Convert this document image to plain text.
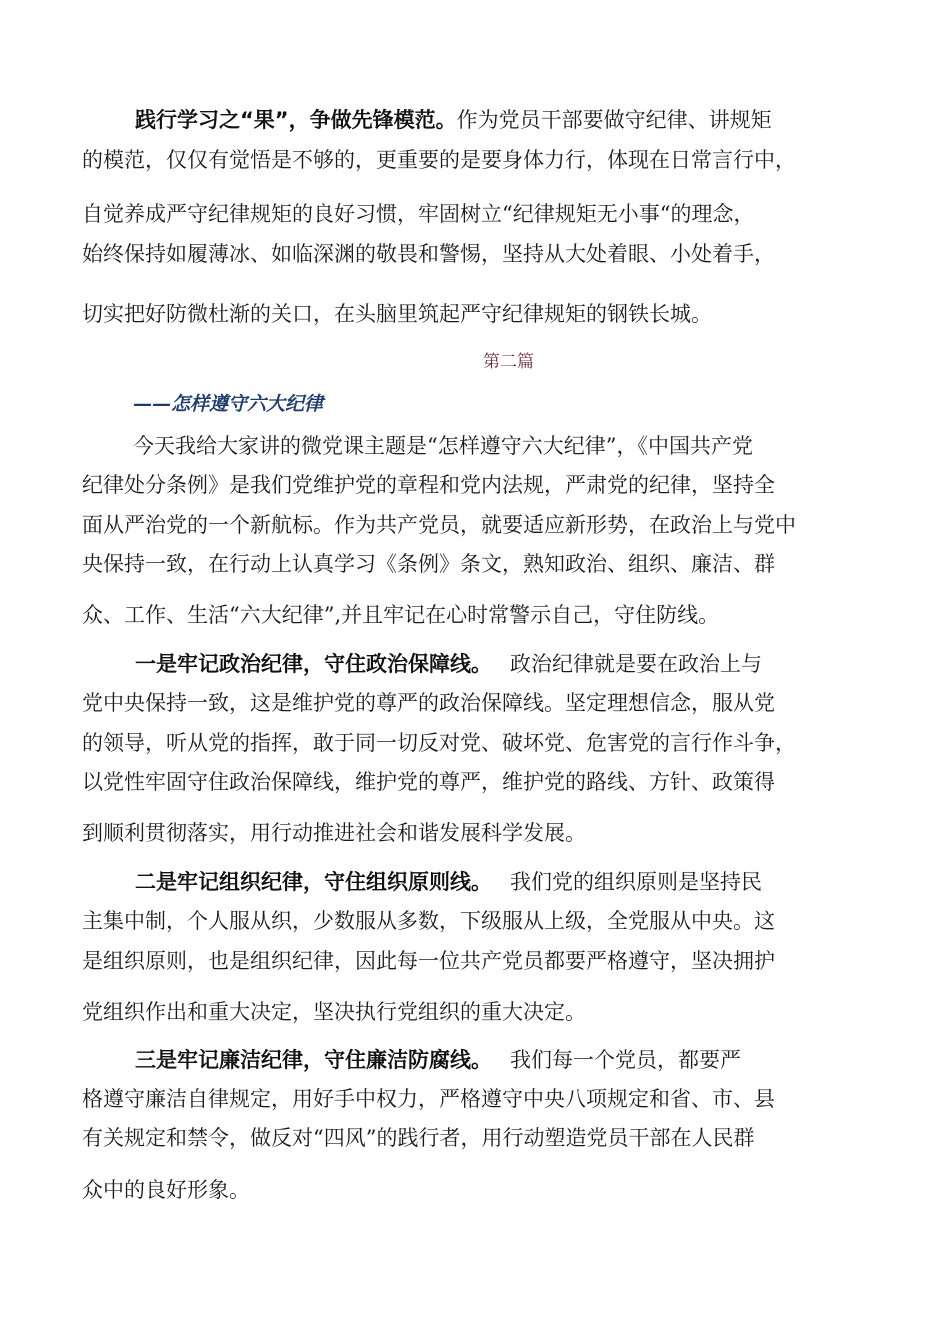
践行学习之“果”，争做先锋模范。作为党员干部要做守纪律、讲规矩
的模范，仅仅有觉悟是不够的，更重要的是要身体力行，体现在日常言行中，
自觉养成严守纪律规矩的良好习惯，牢固树立“纪律规矩无小事“的理念，
始终保持如履薄冰、如临深渊的敬畏和警惕，坚持从大处着眼、小处着手，
切实把好防微杜渐的关口，在头脑里筑起严守纪律规矩的钢铁长城。
第二篇
——怎样遵守六大纪律
今天我给大家讲的微党课主题是“怎样遵守六大纪律”，《中国共产党
纪律处分条例》是我们党维护党的章程和党内法规，严肃党的纪律，坚持全
面从严治党的一个新航标。作为共产党员，就要适应新形势，在政治上与党中
央保持一致，在行动上认真学习《条例》条文，熟知政治、组织、廉洁、群
众、工作、生活“六大纪律”,并且牢记在心时常警示自己，守住防线。
一是牢记政治纪律，守住政治保障线。 政治纪律就是要在政治上与
党中央保持一致，这是维护党的尊严的政治保障线。坚定理想信念，服从党
的领导，听从党的指挥，敢于同一切反对党、破坏党、危害党的言行作斗争，
以党性牢固守住政治保障线，维护党的尊严，维护党的路线、方针、政策得
到顺利贯彻落实，用行动推进社会和谐发展科学发展。
二是牢记组织纪律，守住组织原则线。 我们党的组织原则是坚持民
主集中制，个人服从织，少数服从多数，下级服从上级，全党服从中央。这
是组织原则，也是组织纪律，因此每一位共产党员都要严格遵守，坚决拥护
党组织作出和重大决定，坚决执行党组织的重大决定。
三是牢记廉洁纪律，守住廉洁防腐线。 我们每一个党员，都要严
格遵守廉洁自律规定，用好手中权力，严格遵守中央八项规定和省、市、县
有关规定和禁令，做反对“四风”的践行者，用行动塑造党员干部在人民群
众中的良好形象。
